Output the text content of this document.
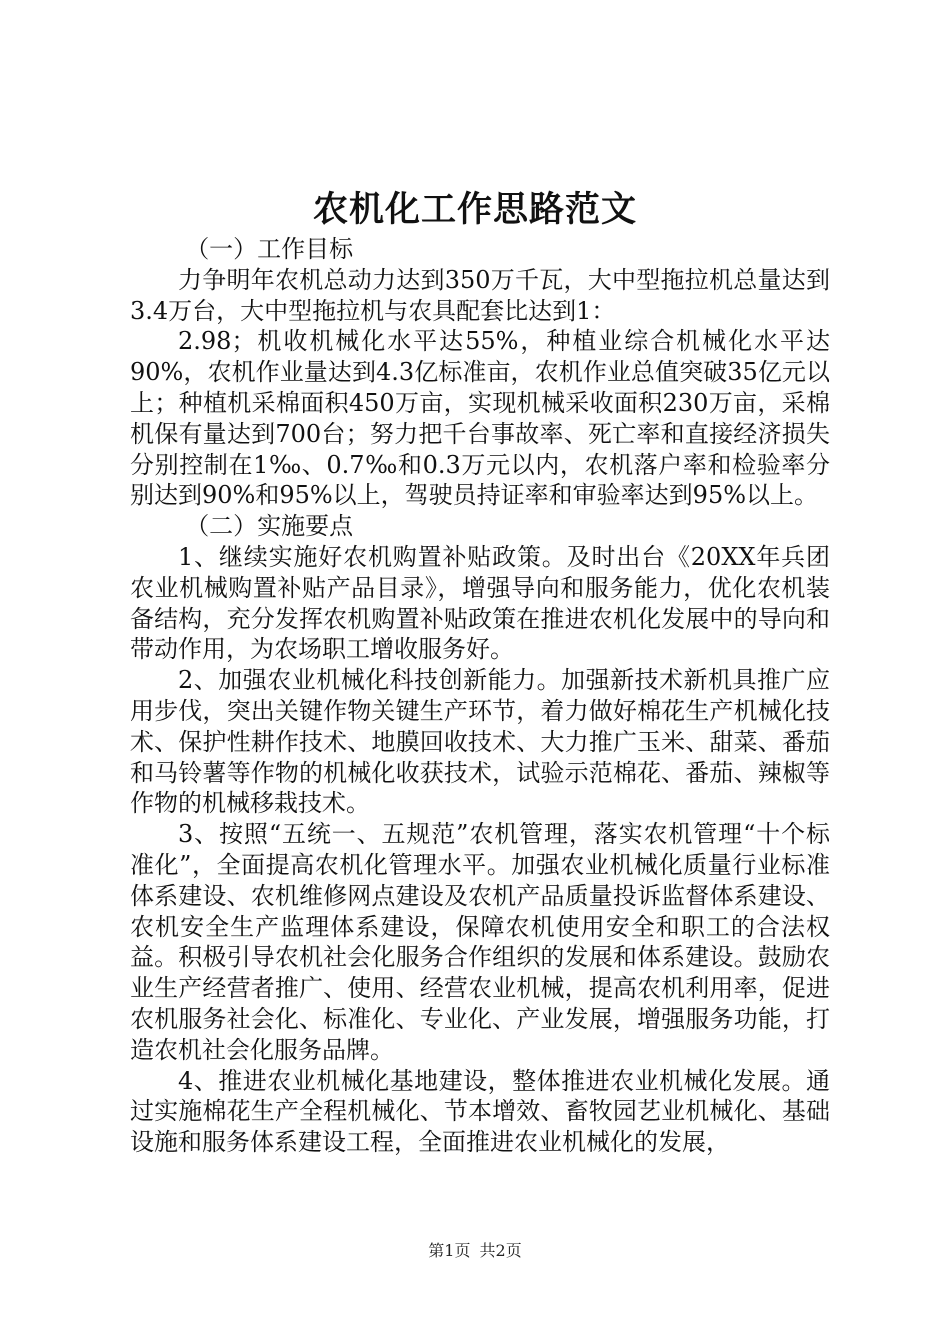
农机化工作思路范文

（一）工作目标

力争明年农机总动力达到350万千瓦，大中型拖拉机总量达到3.4万台，大中型拖拉机与农具配套比达到1：

2.98；机收机械化水平达55%，种植业综合机械化水平达90%，农机作业量达到4.3亿标准亩，农机作业总值突破35亿元以上；种植机采棉面积450万亩，实现机械采收面积230万亩，采棉机保有量达到700台；努力把千台事故率、死亡率和直接经济损失分别控制在1‰、0.7‰和0.3万元以内，农机落户率和检验率分别达到90%和95%以上，驾驶员持证率和审验率达到95%以上。

（二）实施要点

1、继续实施好农机购置补贴政策。及时出台《20XX年兵团农业机械购置补贴产品目录》，增强导向和服务能力，优化农机装备结构，充分发挥农机购置补贴政策在推进农机化发展中的导向和带动作用，为农场职工增收服务好。

2、加强农业机械化科技创新能力。加强新技术新机具推广应用步伐，突出关键作物关键生产环节，着力做好棉花生产机械化技术、保护性耕作技术、地膜回收技术、大力推广玉米、甜菜、番茄和马铃薯等作物的机械化收获技术，试验示范棉花、番茄、辣椒等作物的机械移栽技术。

3、按照“五统一、五规范”农机管理，落实农机管理“十个标准化”，全面提高农机化管理水平。加强农业机械化质量行业标准体系建设、农机维修网点建设及农机产品质量投诉监督体系建设、农机安全生产监理体系建设，保障农机使用安全和职工的合法权益。积极引导农机社会化服务合作组织的发展和体系建设。鼓励农业生产经营者推广、使用、经营农业机械，提高农机利用率，促进农机服务社会化、标准化、专业化、产业发展，增强服务功能，打造农机社会化服务品牌。

4、推进农业机械化基地建设，整体推进农业机械化发展。通过实施棉花生产全程机械化、节本增效、畜牧园艺业机械化、基础设施和服务体系建设工程，全面推进农业机械化的发展，

第1页 共2页
